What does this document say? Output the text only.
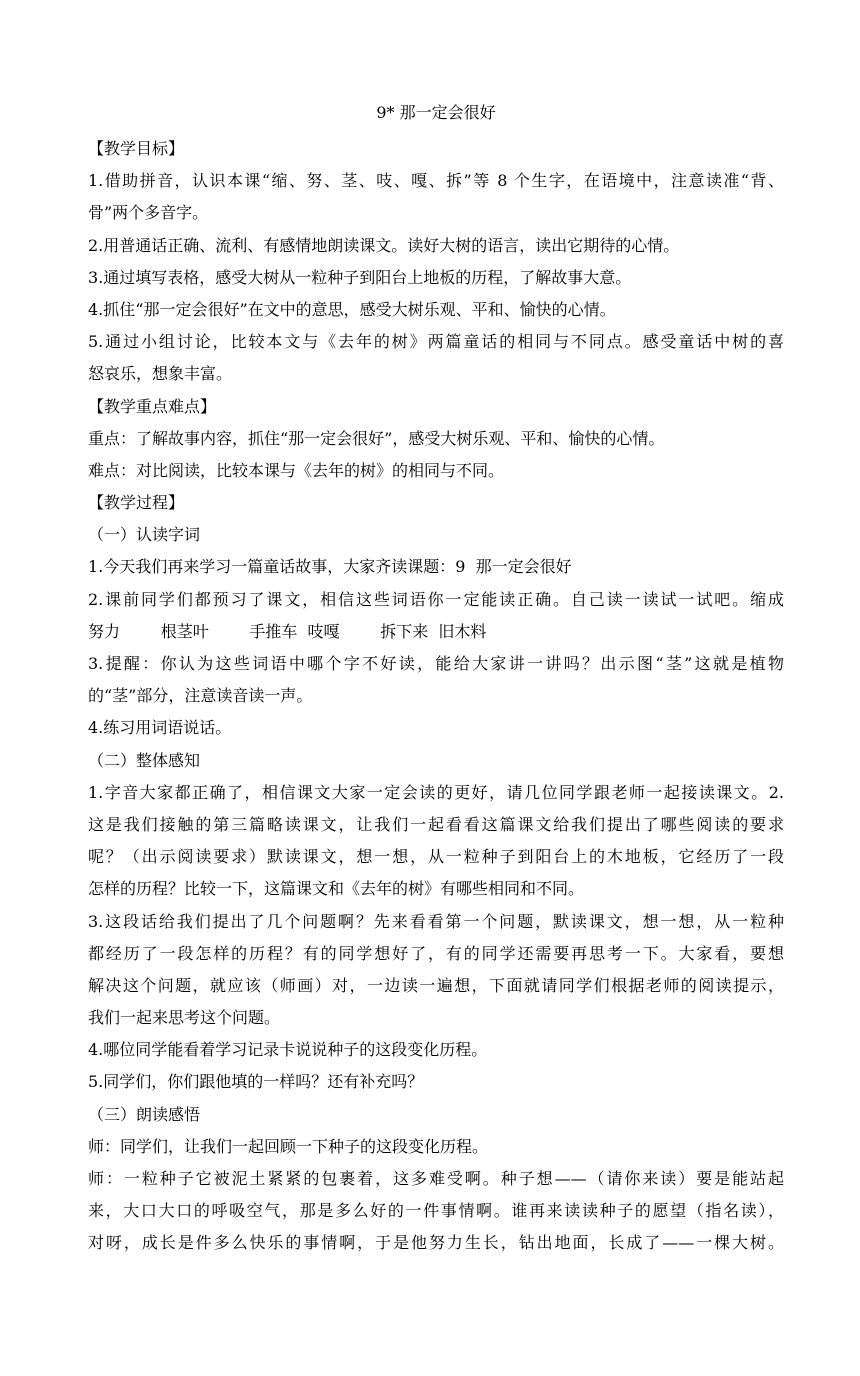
9* 那一定会很好
【教学目标】
1.借助拼音，认识本课“缩、努、茎、吱、嘎、拆”等 8 个生字，在语境中，注意读准“背、
骨”两个多音字。
2.用普通话正确、流利、有感情地朗读课文。读好大树的语言，读出它期待的心情。
3.通过填写表格，感受大树从一粒种子到阳台上地板的历程，了解故事大意。
4.抓住“那一定会很好”在文中的意思，感受大树乐观、平和、愉快的心情。
5.通过小组讨论，比较本文与《去年的树》两篇童话的相同与不同点。感受童话中树的喜
怒哀乐，想象丰富。
【教学重点难点】
重点：了解故事内容，抓住“那一定会很好”，感受大树乐观、平和、愉快的心情。
难点：对比阅读，比较本课与《去年的树》的相同与不同。
【教学过程】
（一）认读字词
1.今天我们再来学习一篇童话故事，大家齐读课题：9  那一定会很好
2.课前同学们都预习了课文，相信这些词语你一定能读正确。自己读一读试一试吧。缩成
努力        根茎叶        手推车  吱嘎        拆下来  旧木料
3.提醒：你认为这些词语中哪个字不好读，能给大家讲一讲吗？出示图“茎”这就是植物
的“茎”部分，注意读音读一声。
4.练习用词语说话。
（二）整体感知
1.字音大家都正确了，相信课文大家一定会读的更好，请几位同学跟老师一起接读课文。2.
这是我们接触的第三篇略读课文，让我们一起看看这篇课文给我们提出了哪些阅读的要求
呢？（出示阅读要求）默读课文，想一想，从一粒种子到阳台上的木地板，它经历了一段
怎样的历程？比较一下，这篇课文和《去年的树》有哪些相同和不同。
3.这段话给我们提出了几个问题啊？先来看看第一个问题，默读课文，想一想，从一粒种
都经历了一段怎样的历程？有的同学想好了，有的同学还需要再思考一下。大家看，要想
解决这个问题，就应该（师画）对，一边读一遍想，下面就请同学们根据老师的阅读提示，
我们一起来思考这个问题。
4.哪位同学能看着学习记录卡说说种子的这段变化历程。
5.同学们，你们跟他填的一样吗？还有补充吗？
（三）朗读感悟
师：同学们，让我们一起回顾一下种子的这段变化历程。
师：一粒种子它被泥土紧紧的包裹着，这多难受啊。种子想——（请你来读）要是能站起
来，大口大口的呼吸空气，那是多么好的一件事情啊。谁再来读读种子的愿望（指名读），
对呀，成长是件多么快乐的事情啊，于是他努力生长，钻出地面，长成了——一棵大树。
